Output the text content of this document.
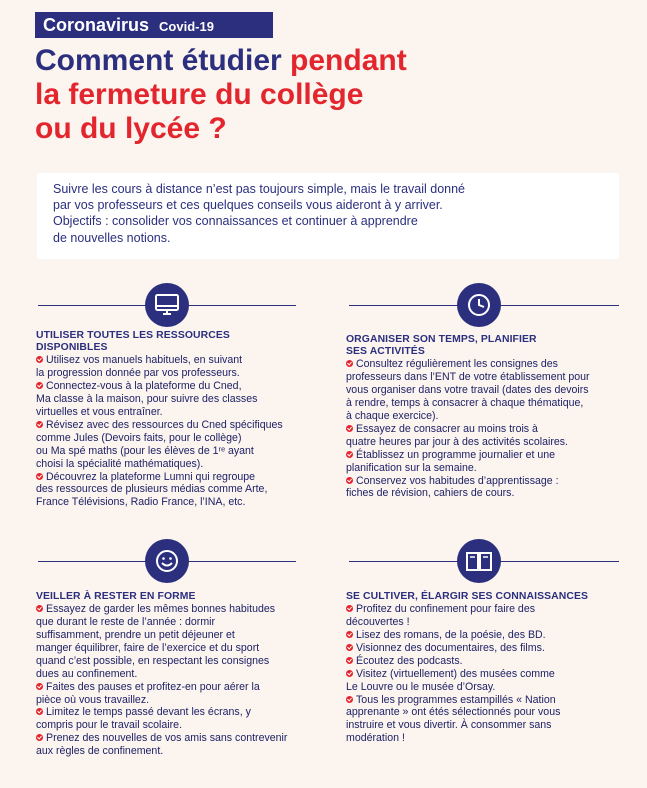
Coronavirus Covid-19
Comment étudier pendant
la fermeture du collège
ou du lycée ?
Suivre les cours à distance n’est pas toujours simple, mais le travail donné
par vos professeurs et ces quelques conseils vous aideront à y arriver.
Objectifs : consolider vos connaissances et continuer à apprendre
de nouvelles notions.
UTILISER TOUTES LES RESSOURCES
DISPONIBLES
Utilisez vos manuels habituels, en suivant
la progression donnée par vos professeurs.
Connectez-vous à la plateforme du Cned,
Ma classe à la maison, pour suivre des classes
virtuelles et vous entraîner.
Révisez avec des ressources du Cned spécifiques
comme Jules (Devoirs faits, pour le collège)
ou Ma spé maths (pour les élèves de 1ʳᵉ ayant
choisi la spécialité mathématiques).
Découvrez la plateforme Lumni qui regroupe
des ressources de plusieurs médias comme Arte,
France Télévisions, Radio France, l’INA, etc.
ORGANISER SON TEMPS, PLANIFIER
SES ACTIVITÉS
Consultez régulièrement les consignes des
professeurs dans l’ENT de votre établissement pour
vous organiser dans votre travail (dates des devoirs
à rendre, temps à consacrer à chaque thématique,
à chaque exercice).
Essayez de consacrer au moins trois à
quatre heures par jour à des activités scolaires.
Établissez un programme journalier et une
planification sur la semaine.
Conservez vos habitudes d’apprentissage :
fiches de révision, cahiers de cours.
VEILLER À RESTER EN FORME
Essayez de garder les mêmes bonnes habitudes
que durant le reste de l’année : dormir
suffisamment, prendre un petit déjeuner et
manger équilibrer, faire de l’exercice et du sport
quand c’est possible, en respectant les consignes
dues au confinement.
Faites des pauses et profitez-en pour aérer la
pièce où vous travaillez.
Limitez le temps passé devant les écrans, y
compris pour le travail scolaire.
Prenez des nouvelles de vos amis sans contrevenir
aux règles de confinement.
SE CULTIVER, ÉLARGIR SES CONNAISSANCES
Profitez du confinement pour faire des
découvertes !
Lisez des romans, de la poésie, des BD.
Visionnez des documentaires, des films.
Écoutez des podcasts.
Visitez (virtuellement) des musées comme
Le Louvre ou le musée d’Orsay.
Tous les programmes estampillés « Nation
apprenante » ont étés sélectionnés pour vous
instruire et vous divertir. À consommer sans
modération !
